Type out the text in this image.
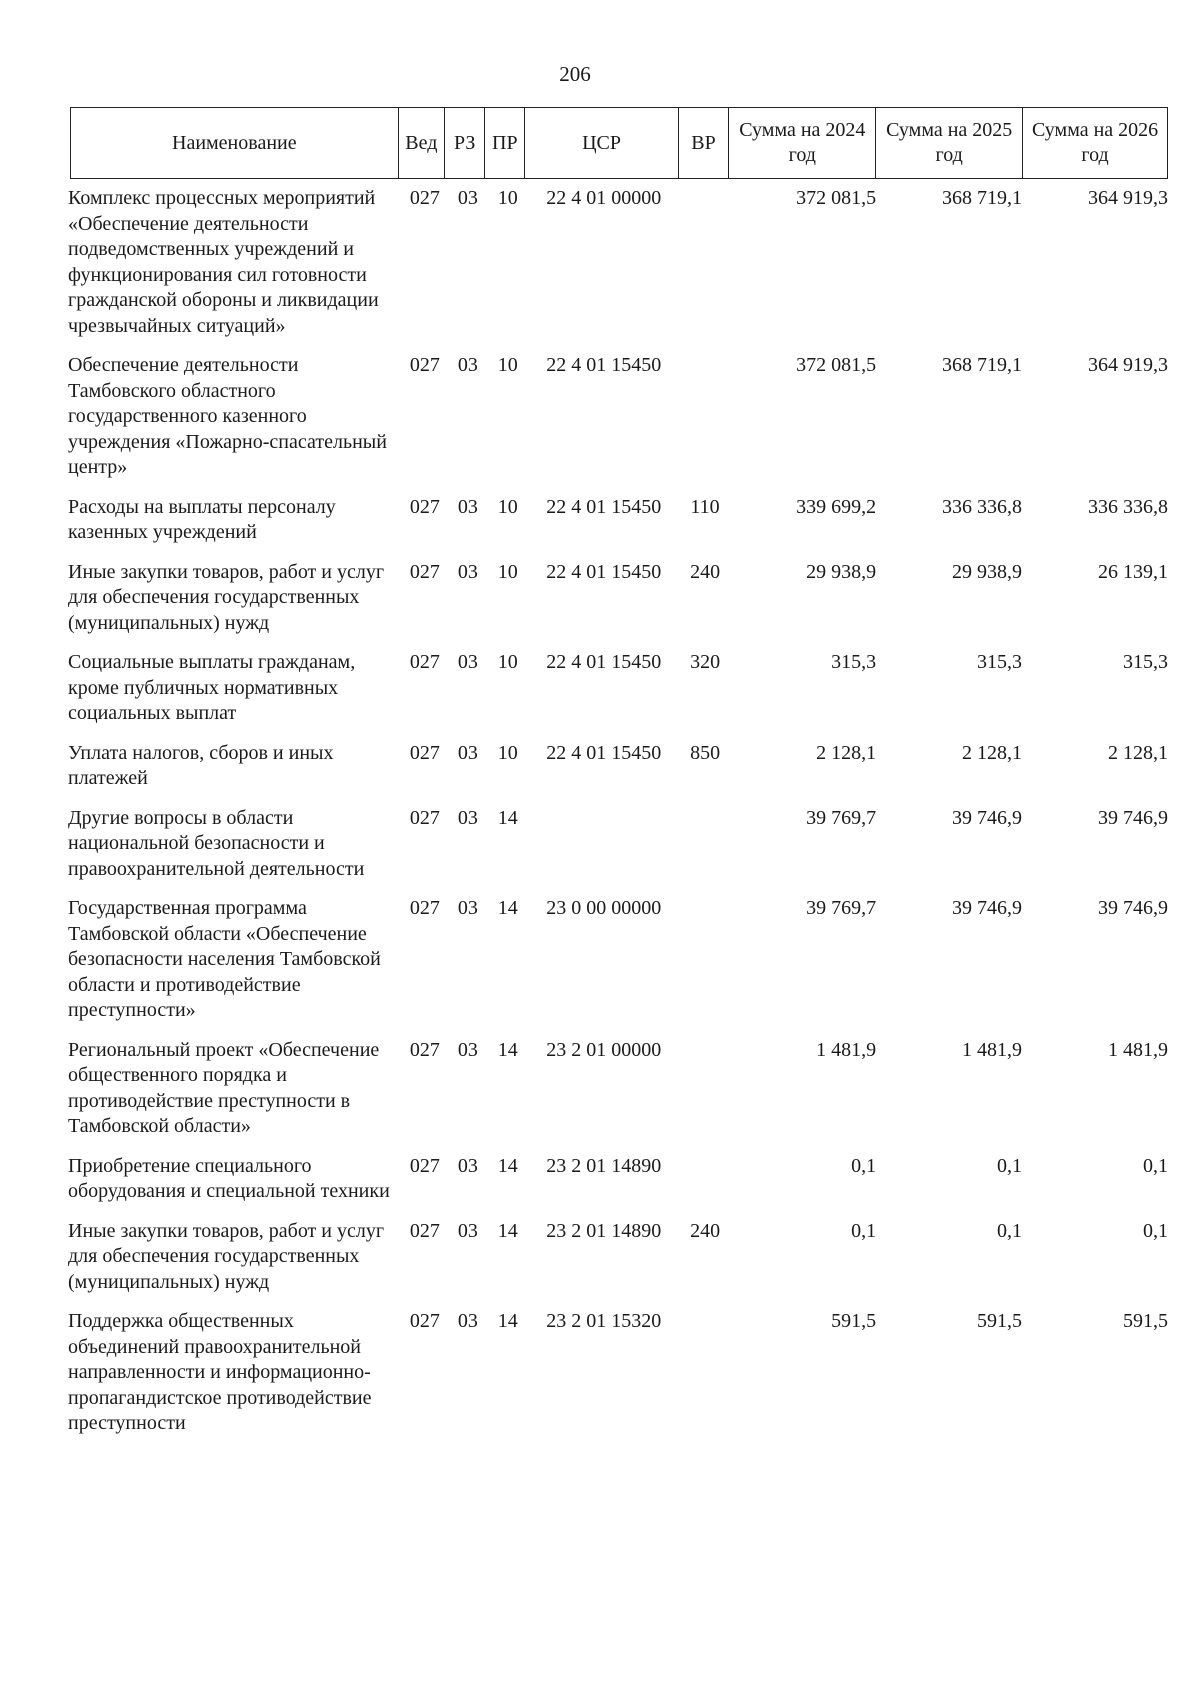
206
Наименование	Вед	РЗ	ПР	ЦСР	ВР	Сумма на 2024 год	Сумма на 2025 год	Сумма на 2026 год
Комплекс процессных мероприятий «Обеспечение деятельности подведомственных учреждений и функционирования сил готовности гражданской обороны и ликвидации чрезвычайных ситуаций»	027	03	10	22 4 01 00000		372 081,5	368 719,1	364 919,3
Обеспечение деятельности Тамбовского областного государственного казенного учреждения «Пожарно-спасательный центр»	027	03	10	22 4 01 15450		372 081,5	368 719,1	364 919,3
Расходы на выплаты персоналу казенных учреждений	027	03	10	22 4 01 15450	110	339 699,2	336 336,8	336 336,8
Иные закупки товаров, работ и услуг для обеспечения государственных (муниципальных) нужд	027	03	10	22 4 01 15450	240	29 938,9	29 938,9	26 139,1
Социальные выплаты гражданам, кроме публичных нормативных социальных выплат	027	03	10	22 4 01 15450	320	315,3	315,3	315,3
Уплата налогов, сборов и иных платежей	027	03	10	22 4 01 15450	850	2 128,1	2 128,1	2 128,1
Другие вопросы в области национальной безопасности и правоохранительной деятельности	027	03	14			39 769,7	39 746,9	39 746,9
Государственная программа Тамбовской области «Обеспечение безопасности населения Тамбовской области и противодействие преступности»	027	03	14	23 0 00 00000		39 769,7	39 746,9	39 746,9
Региональный проект «Обеспечение общественного порядка и противодействие преступности в Тамбовской области»	027	03	14	23 2 01 00000		1 481,9	1 481,9	1 481,9
Приобретение специального оборудования и специальной техники	027	03	14	23 2 01 14890		0,1	0,1	0,1
Иные закупки товаров, работ и услуг для обеспечения государственных (муниципальных) нужд	027	03	14	23 2 01 14890	240	0,1	0,1	0,1
Поддержка общественных объединений правоохранительной направленности и информационно-пропагандистское противодействие преступности	027	03	14	23 2 01 15320		591,5	591,5	591,5
